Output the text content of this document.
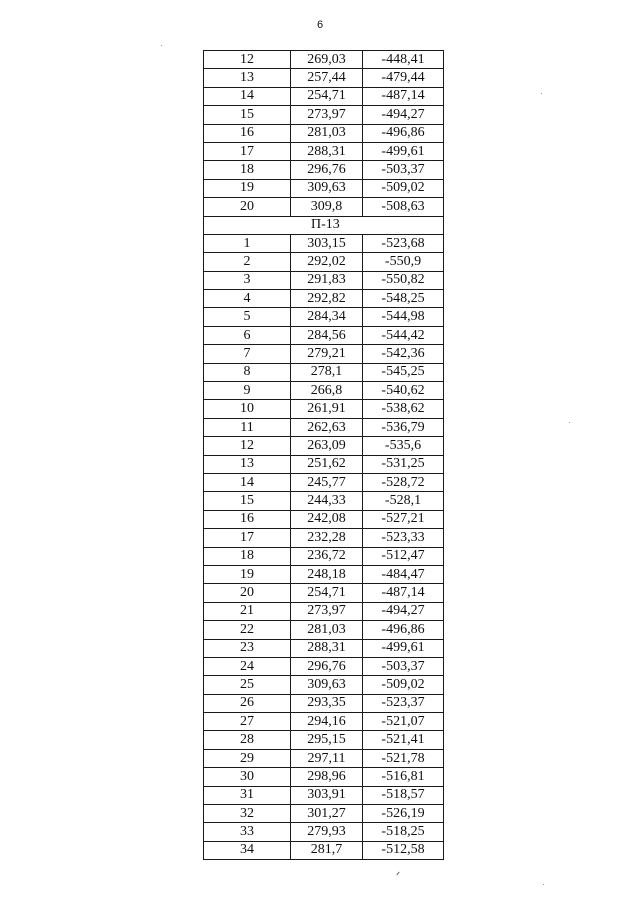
6
12	269,03	-448,41
13	257,44	-479,44
14	254,71	-487,14
15	273,97	-494,27
16	281,03	-496,86
17	288,31	-499,61
18	296,76	-503,37
19	309,63	-509,02
20	309,8	-508,63
П-13		
1	303,15	-523,68
2	292,02	-550,9
3	291,83	-550,82
4	292,82	-548,25
5	284,34	-544,98
6	284,56	-544,42
7	279,21	-542,36
8	278,1	-545,25
9	266,8	-540,62
10	261,91	-538,62
11	262,63	-536,79
12	263,09	-535,6
13	251,62	-531,25
14	245,77	-528,72
15	244,33	-528,1
16	242,08	-527,21
17	232,28	-523,33
18	236,72	-512,47
19	248,18	-484,47
20	254,71	-487,14
21	273,97	-494,27
22	281,03	-496,86
23	288,31	-499,61
24	296,76	-503,37
25	309,63	-509,02
26	293,35	-523,37
27	294,16	-521,07
28	295,15	-521,41
29	297,11	-521,78
30	298,96	-516,81
31	303,91	-518,57
32	301,27	-526,19
33	279,93	-518,25
34	281,7	-512,58
